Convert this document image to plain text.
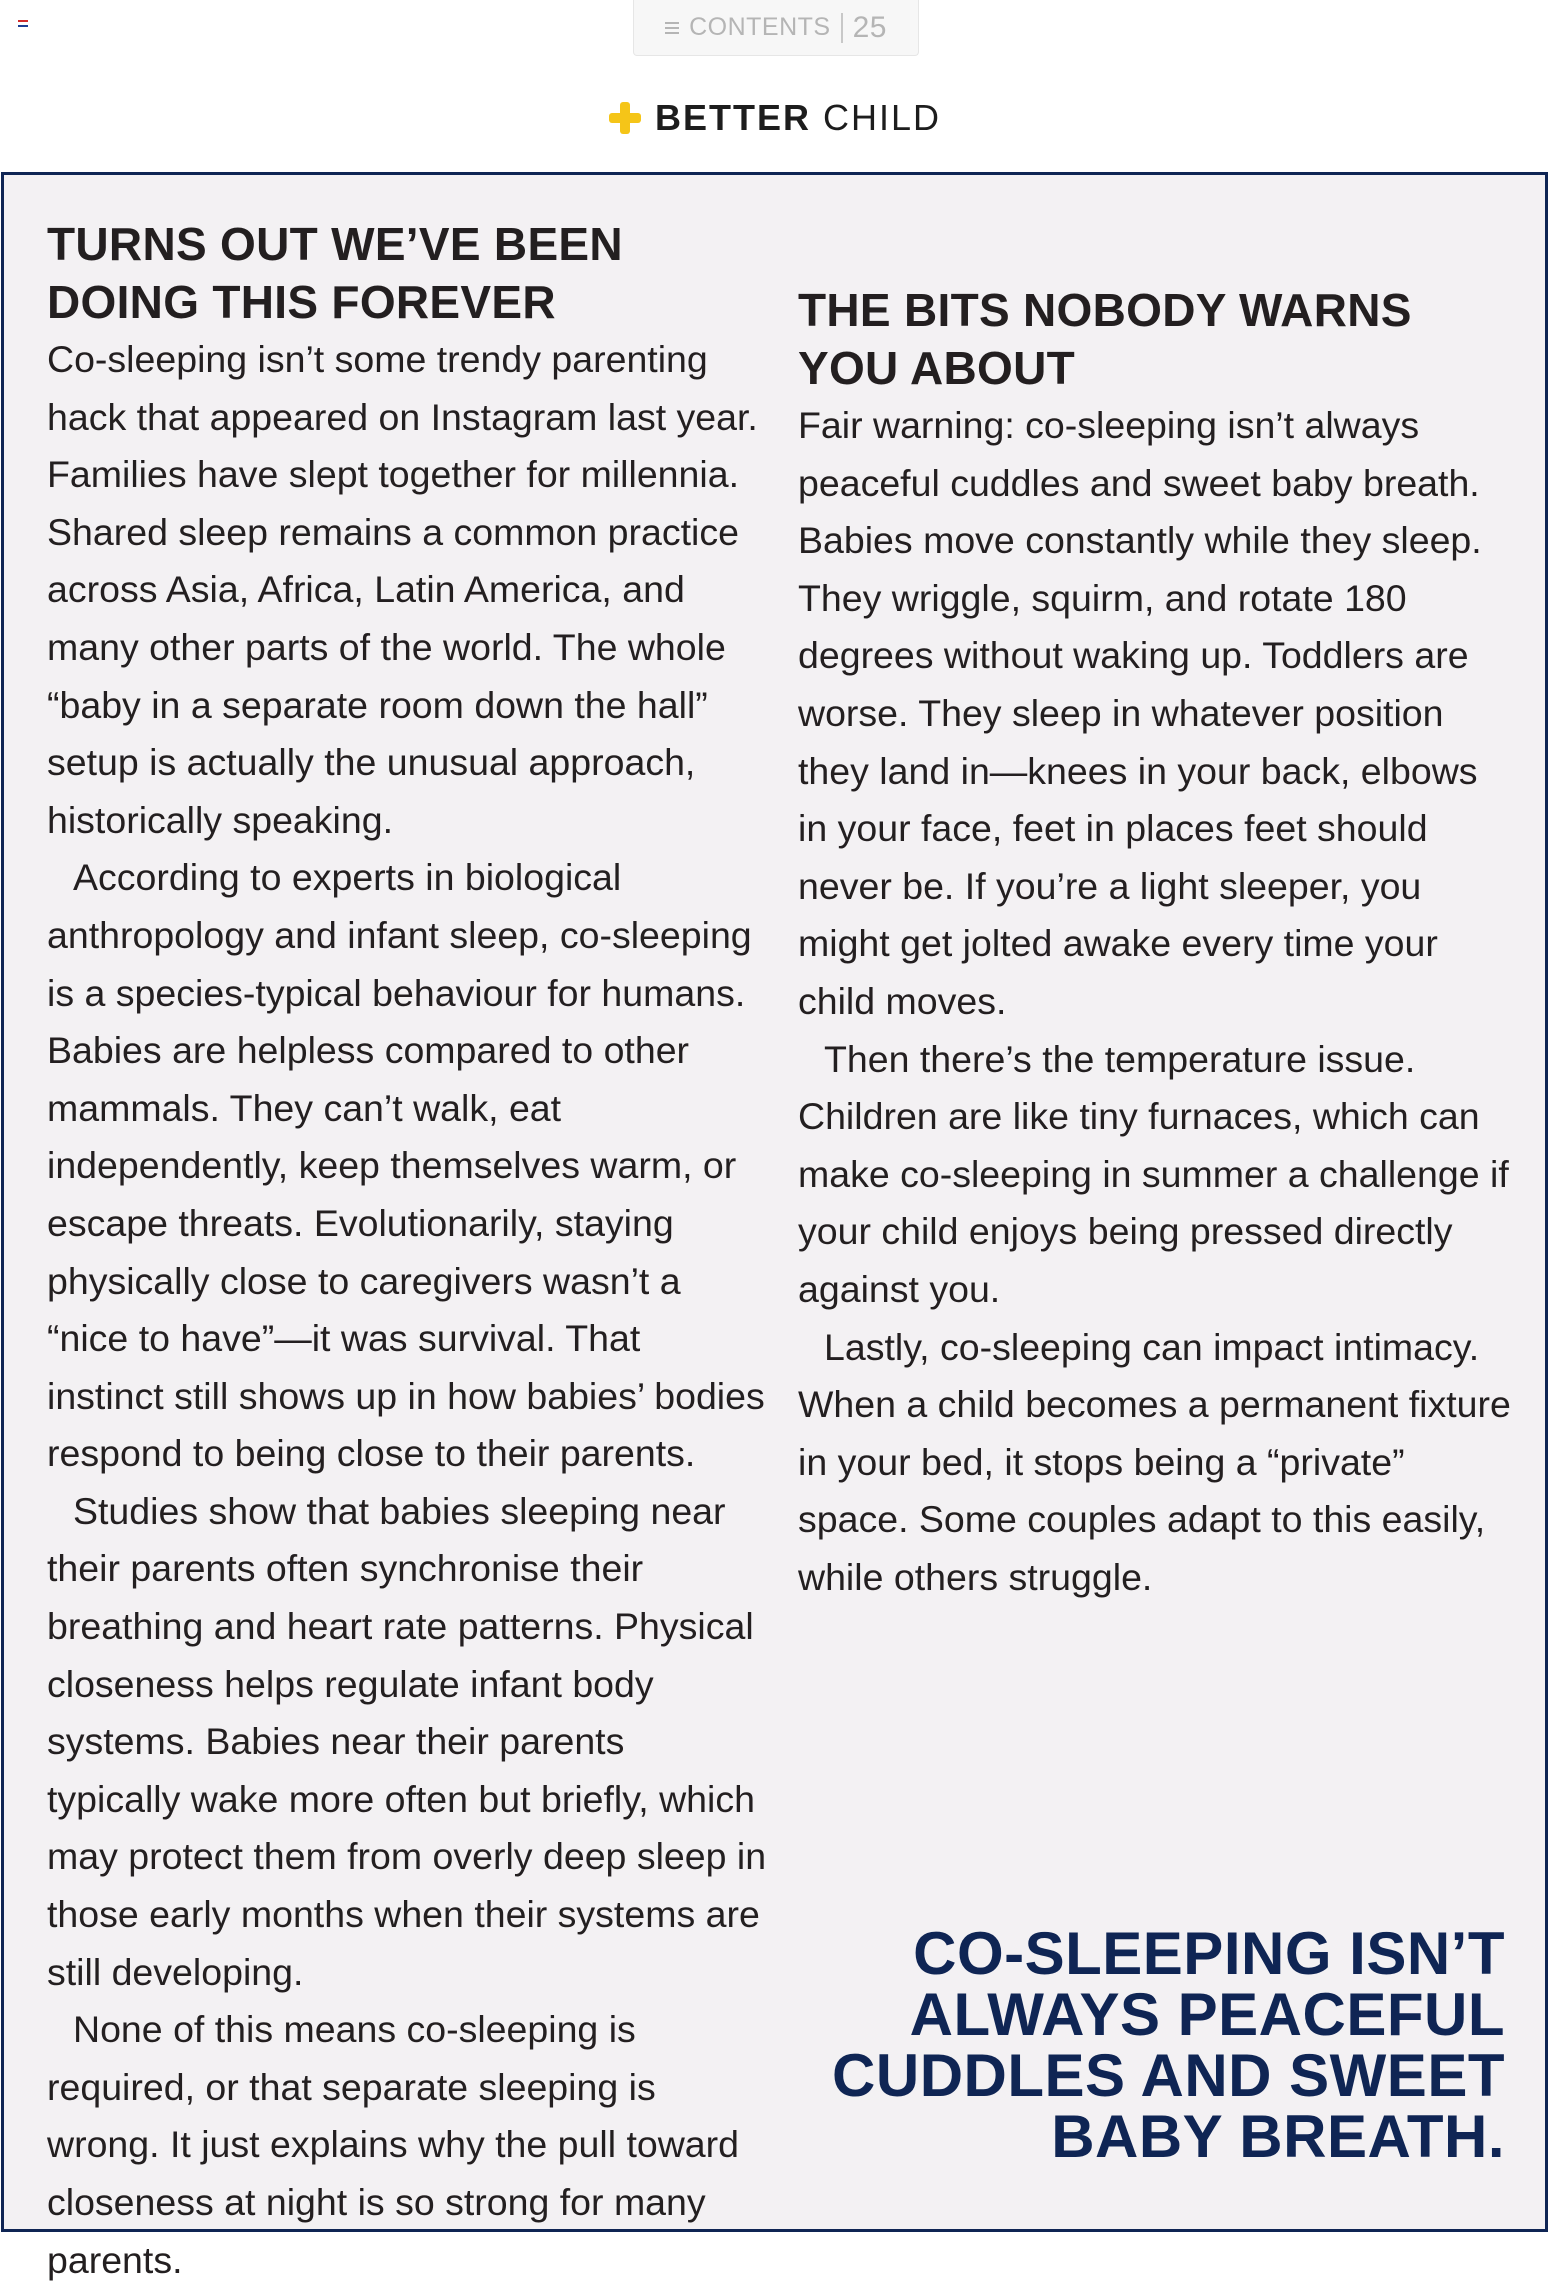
CONTENTS 25
BETTER CHILD
TURNS OUT WE’VE BEEN DOING THIS FOREVER

Co-sleeping isn’t some trendy parenting hack that appeared on Instagram last year. Families have slept together for millennia. Shared sleep remains a common practice across Asia, Africa, Latin America, and many other parts of the world. The whole “baby in a separate room down the hall” setup is actually the unusual approach, historically speaking.

According to experts in biological anthropology and infant sleep, co-sleeping is a species-typical behaviour for humans. Babies are helpless compared to other mammals. They can’t walk, eat independently, keep themselves warm, or escape threats. Evolutionarily, staying physically close to caregivers wasn’t a “nice to have”—it was survival. That instinct still shows up in how babies’ bodies respond to being close to their parents.

Studies show that babies sleeping near their parents often synchronise their breathing and heart rate patterns. Physical closeness helps regulate infant body systems. Babies near their parents typically wake more often but briefly, which may protect them from overly deep sleep in those early months when their systems are still developing.

None of this means co-sleeping is required, or that separate sleeping is wrong. It just explains why the pull toward closeness at night is so strong for many parents.

THE BITS NOBODY WARNS YOU ABOUT

Fair warning: co-sleeping isn’t always peaceful cuddles and sweet baby breath. Babies move constantly while they sleep. They wriggle, squirm, and rotate 180 degrees without waking up. Toddlers are worse. They sleep in whatever position they land in—knees in your back, elbows in your face, feet in places feet should never be. If you’re a light sleeper, you might get jolted awake every time your child moves.

Then there’s the temperature issue. Children are like tiny furnaces, which can make co-sleeping in summer a challenge if your child enjoys being pressed directly against you.

Lastly, co-sleeping can impact intimacy. When a child becomes a permanent fixture in your bed, it stops being a “private” space. Some couples adapt to this easily, while others struggle.

CO-SLEEPING ISN’T ALWAYS PEACEFUL CUDDLES AND SWEET BABY BREATH.
